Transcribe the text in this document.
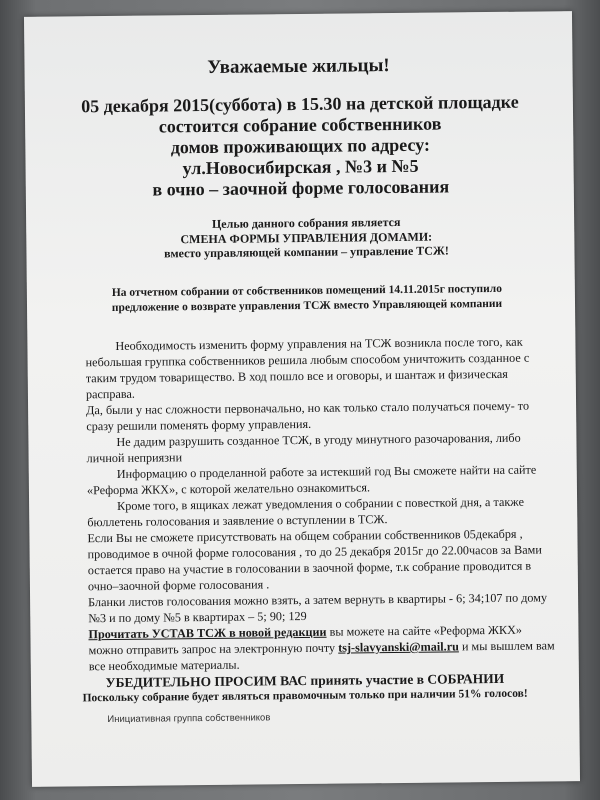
Уважаемые жильцы!
05 декабря 2015(суббота) в 15.30 на детской площадке
состоится собрание собственников
домов проживающих по адресу:
ул.Новосибирская , №3 и №5
в очно – заочной форме голосования
Целью данного собрания является
СМЕНА ФОРМЫ УПРАВЛЕНИЯ ДОМАМИ:
вместо управляющей компании – управление ТСЖ!
На отчетном собрании от собственников помещений 14.11.2015г поступило
предложение о возврате управления ТСЖ вместо Управляющей компании

Необходимость изменить форму управления на ТСЖ возникла после того, как небольшая группка собственников решила любым способом уничтожить созданное с таким трудом товарищество. В ход пошло все и оговоры, и шантаж и физическая расправа.

Да, были у нас сложности первоначально, но как только стало получаться почему- то сразу решили поменять форму управления.

Не дадим разрушить созданное ТСЖ, в угоду минутного разочарования, либо личной неприязни

Информацию о проделанной работе за истекший год Вы сможете найти на сайте «Реформа ЖКХ», с которой желательно ознакомиться.

Кроме того, в ящиках лежат уведомления о собрании с повесткой дня, а также бюллетень голосования и заявление о вступлении в ТСЖ.

Если Вы не сможете присутствовать на общем собрании собственников 05декабря , проводимое в очной форме голосования , то до 25 декабря 2015г до 22.00часов за Вами остается право на участие в голосовании в заочной форме, т.к собрание проводится в очно–заочной форме голосования .

Бланки листов голосования можно взять, а затем вернуть в квартиры - 6; 34;107 по дому №3 и по дому №5 в квартирах – 5; 90; 129

Прочитать УСТАВ ТСЖ в новой редакции вы можете на сайте «Реформа ЖКХ» можно отправить запрос на электронную почту tsj-slavyanski@mail.ru и мы вышлем вам все необходимые материалы.

УБЕДИТЕЛЬНО ПРОСИМ ВАС принять участие в СОБРАНИИ
Поскольку собрание будет являться правомочным только при наличии 51% голосов!
Инициативная группа собственников
